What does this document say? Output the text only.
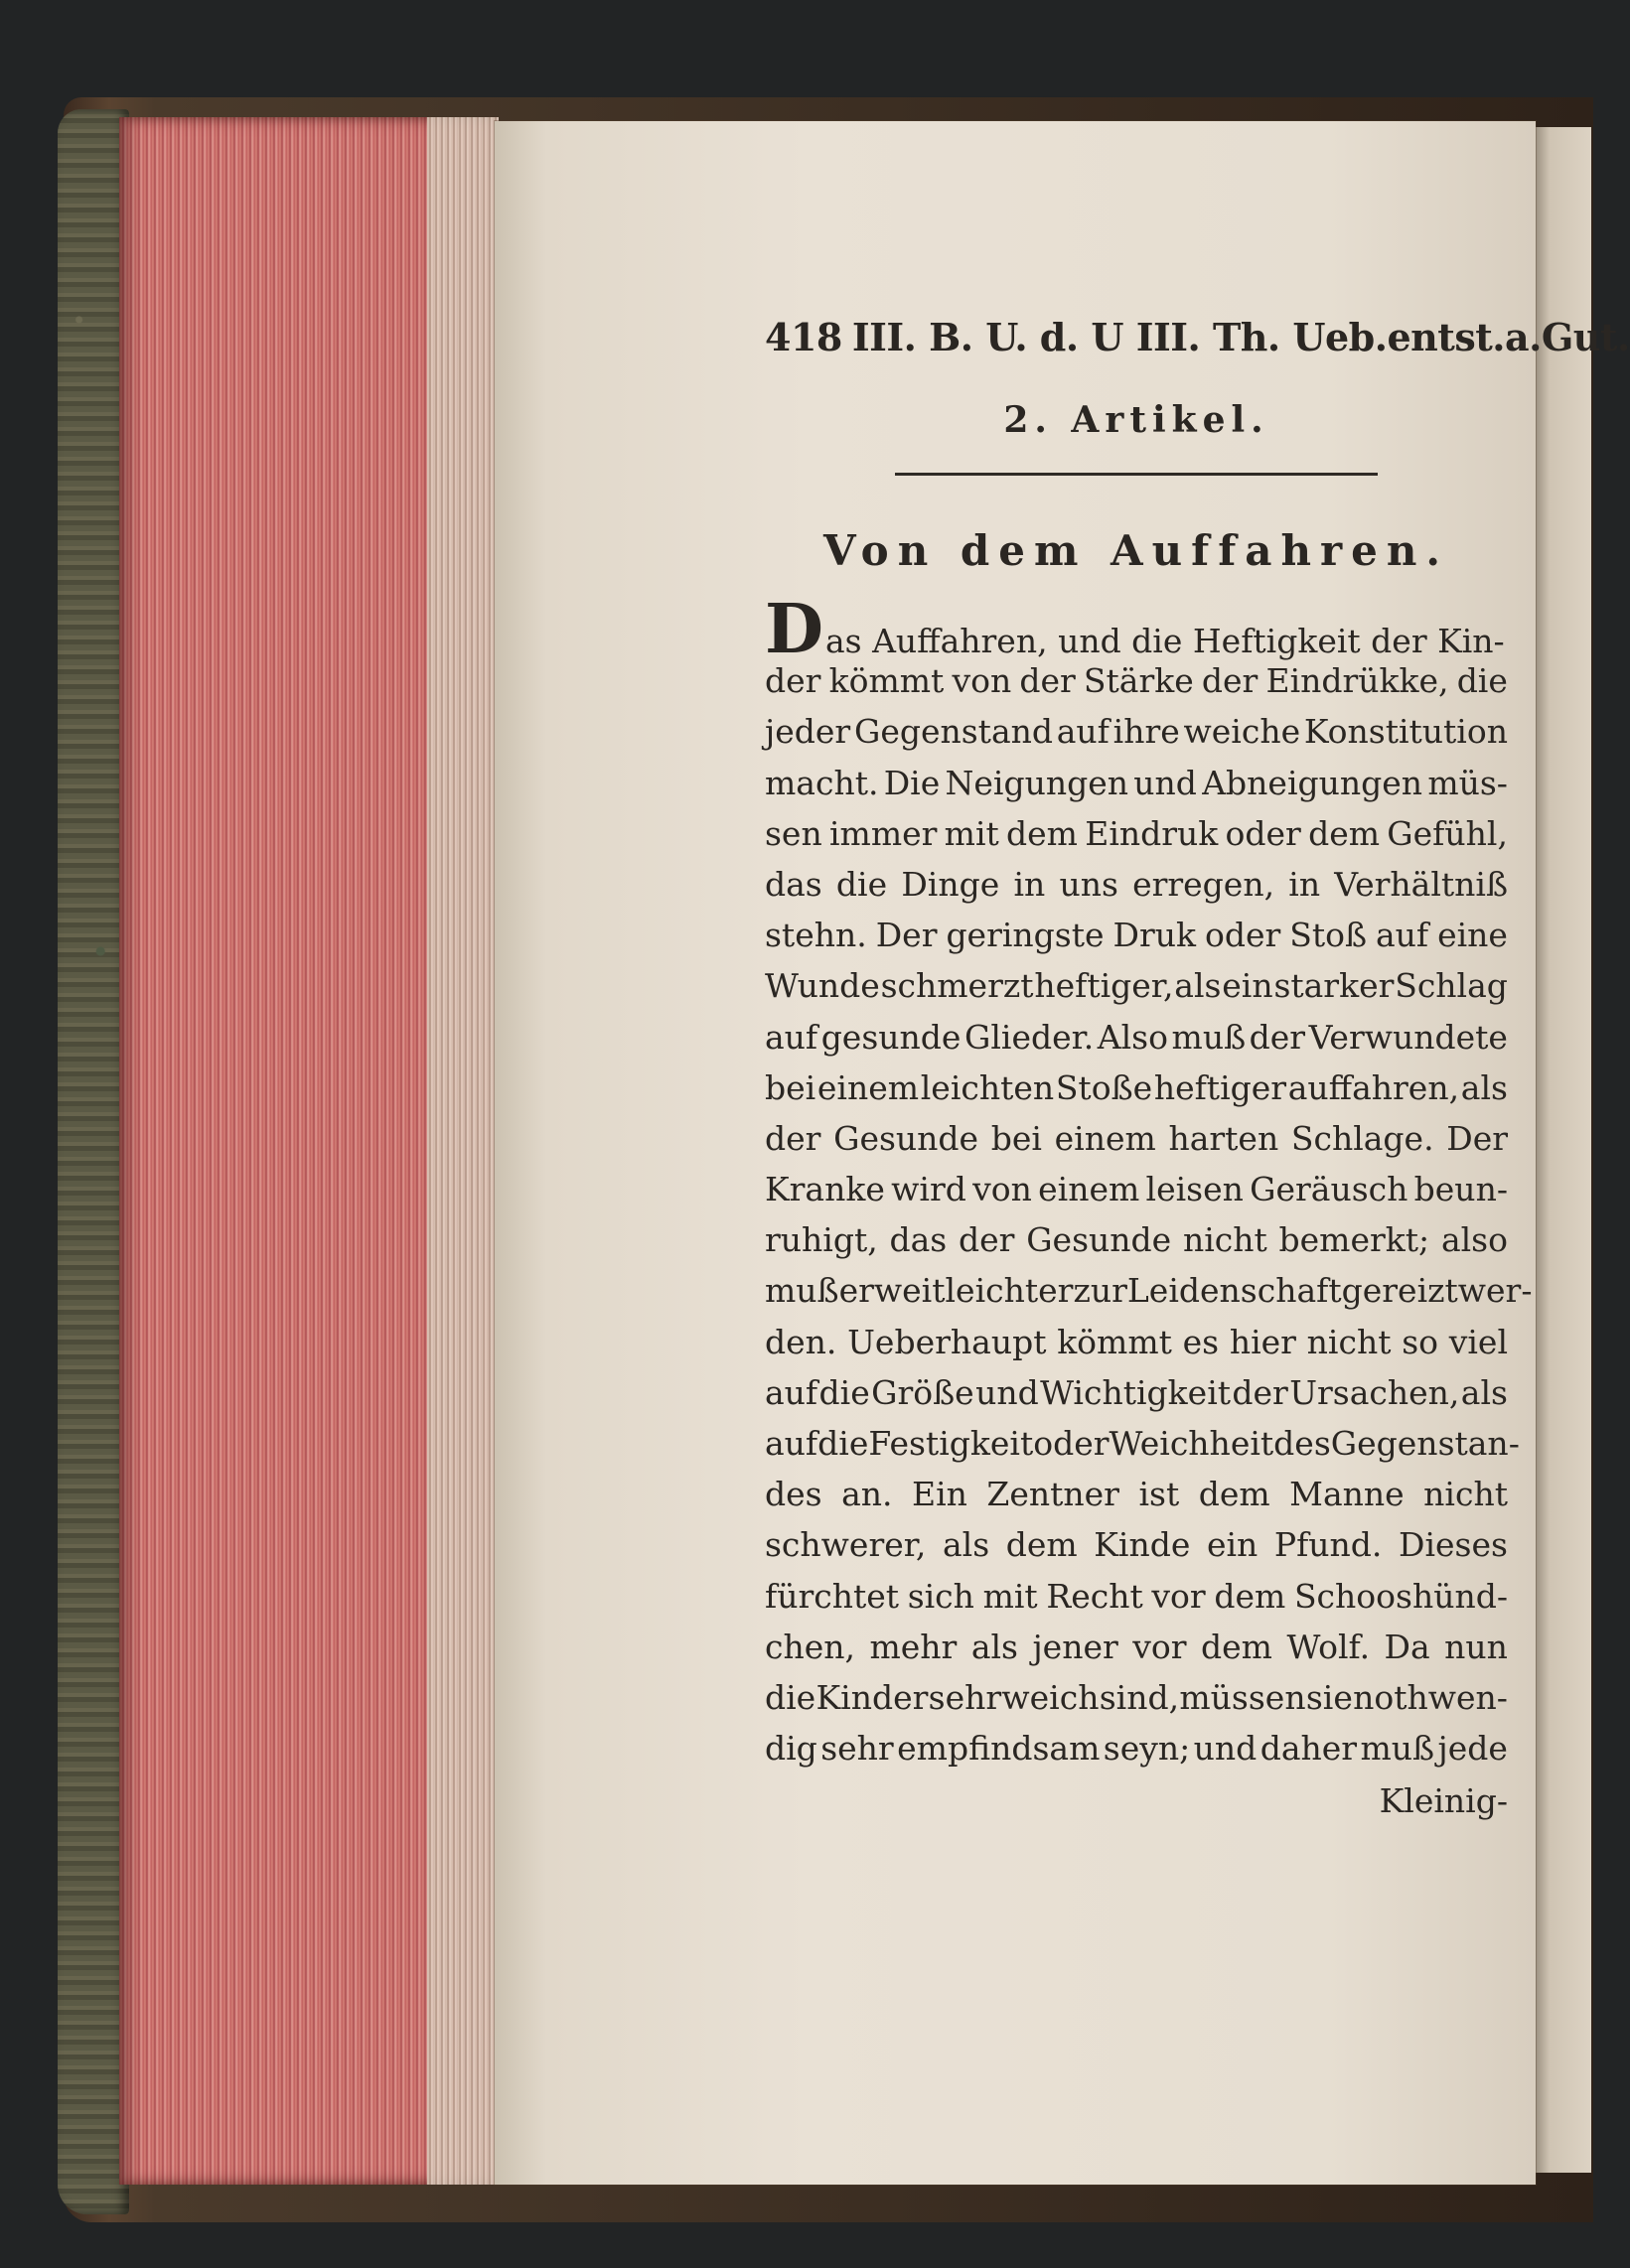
418 III. B. U. d. U III. Th. Ueb.entst.a.Gut.
2. Artikel.
Von dem Auffahren.
Das Auffahren, und die Heftigkeit der Kin-
der kömmt von der Stärke der Eindrükke, die
jeder Gegenstand auf ihre weiche Konstitution
macht. Die Neigungen und Abneigungen müs-
sen immer mit dem Eindruk oder dem Gefühl,
das die Dinge in uns erregen, in Verhältniß
stehn. Der geringste Druk oder Stoß auf eine
Wunde schmerzt heftiger, als ein starker Schlag
auf gesunde Glieder. Also muß der Verwundete
bei einem leichten Stoße heftiger auffahren, als
der Gesunde bei einem harten Schlage. Der
Kranke wird von einem leisen Geräusch beun-
ruhigt, das der Gesunde nicht bemerkt; also
muß er weit leichter zur Leidenschaft gereizt wer-
den. Ueberhaupt kömmt es hier nicht so viel
auf die Größe und Wichtigkeit der Ursachen, als
auf die Festigkeit oder Weichheit des Gegenstan-
des an. Ein Zentner ist dem Manne nicht
schwerer, als dem Kinde ein Pfund. Dieses
fürchtet sich mit Recht vor dem Schooshünd-
chen, mehr als jener vor dem Wolf. Da nun
die Kinder sehr weich sind, müssen sie nothwen-
dig sehr empfindsam seyn; und daher muß jede
Kleinig-
